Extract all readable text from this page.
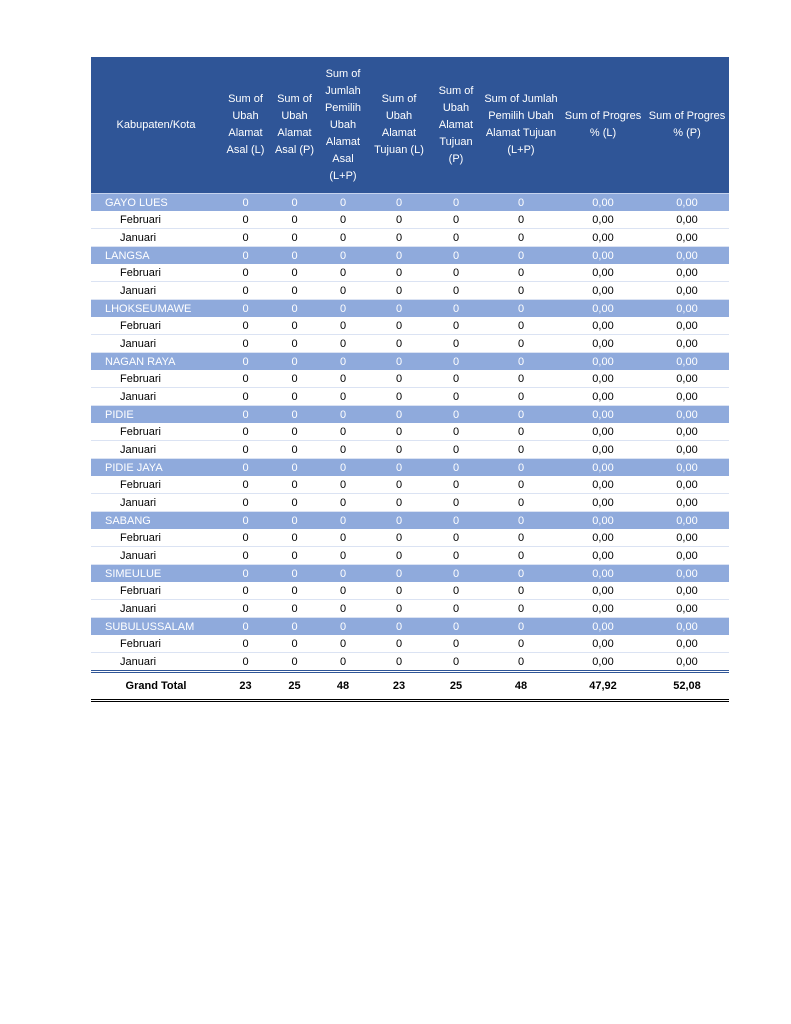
Kabupaten/Kota	Sum of Ubah Alamat Asal (L)	Sum of Ubah Alamat Asal (P)	Sum of Jumlah Pemilih Ubah Alamat Asal (L+P)	Sum of Ubah Alamat Tujuan (L)	Sum of Ubah Alamat Tujuan (P)	Sum of Jumlah Pemilih Ubah Alamat Tujuan (L+P)	Sum of Progres % (L)	Sum of Progres % (P)
GAYO LUES	0	0	0	0	0	0	0,00	0,00
Februari	0	0	0	0	0	0	0,00	0,00
Januari	0	0	0	0	0	0	0,00	0,00
LANGSA	0	0	0	0	0	0	0,00	0,00
Februari	0	0	0	0	0	0	0,00	0,00
Januari	0	0	0	0	0	0	0,00	0,00
LHOKSEUMAWE	0	0	0	0	0	0	0,00	0,00
Februari	0	0	0	0	0	0	0,00	0,00
Januari	0	0	0	0	0	0	0,00	0,00
NAGAN RAYA	0	0	0	0	0	0	0,00	0,00
Februari	0	0	0	0	0	0	0,00	0,00
Januari	0	0	0	0	0	0	0,00	0,00
PIDIE	0	0	0	0	0	0	0,00	0,00
Februari	0	0	0	0	0	0	0,00	0,00
Januari	0	0	0	0	0	0	0,00	0,00
PIDIE JAYA	0	0	0	0	0	0	0,00	0,00
Februari	0	0	0	0	0	0	0,00	0,00
Januari	0	0	0	0	0	0	0,00	0,00
SABANG	0	0	0	0	0	0	0,00	0,00
Februari	0	0	0	0	0	0	0,00	0,00
Januari	0	0	0	0	0	0	0,00	0,00
SIMEULUE	0	0	0	0	0	0	0,00	0,00
Februari	0	0	0	0	0	0	0,00	0,00
Januari	0	0	0	0	0	0	0,00	0,00
SUBULUSSALAM	0	0	0	0	0	0	0,00	0,00
Februari	0	0	0	0	0	0	0,00	0,00
Januari	0	0	0	0	0	0	0,00	0,00
Grand Total	23	25	48	23	25	48	47,92	52,08
